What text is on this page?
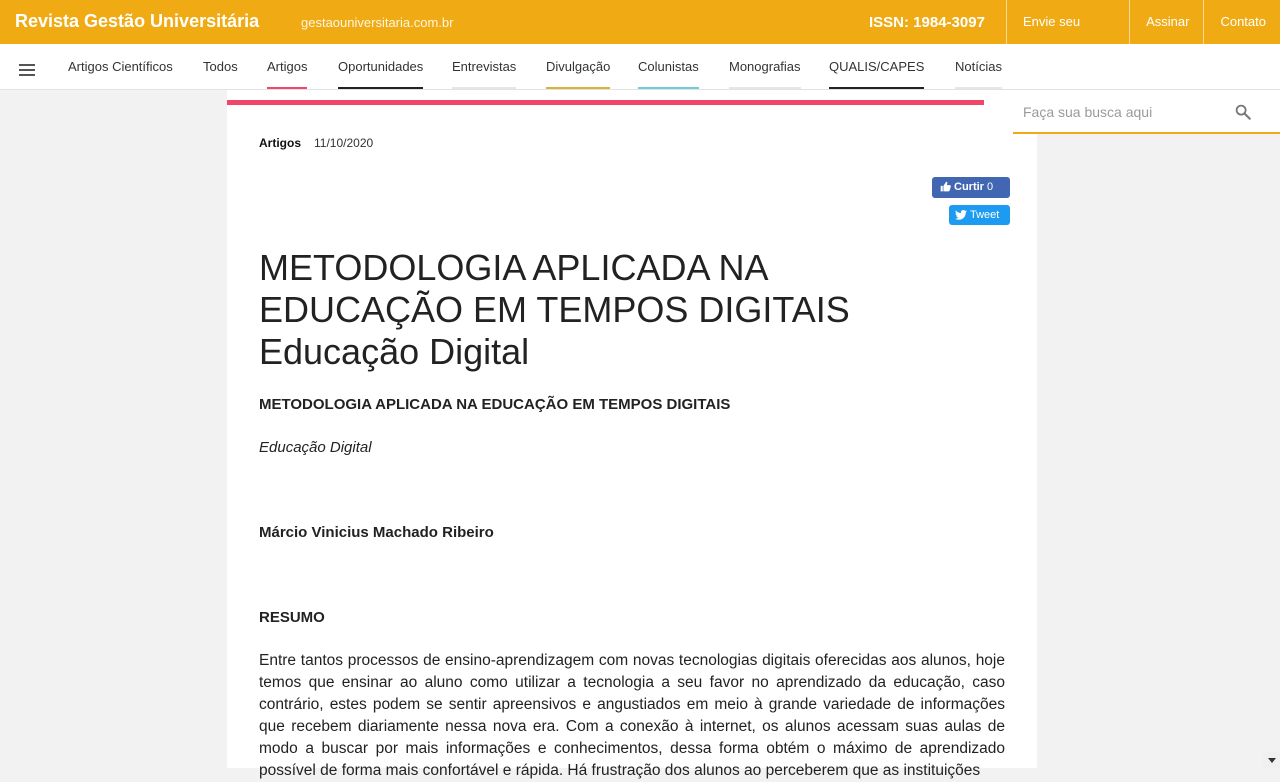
Revista Gestão Universitária	gestaouniversitaria.com.br	ISSN: 1984-3097	Envie seu	Assinar	Contato
Artigos Científicos Todos Artigos Oportunidades Entrevistas Divulgação Colunistas Monografias QUALIS/CAPES Notícias
Faça sua busca aqui
Artigos 11/10/2020
Curtir 0
Tweet
METODOLOGIA APLICADA NA
EDUCAÇÃO EM TEMPOS DIGITAIS
Educação Digital
METODOLOGIA APLICADA NA EDUCAÇÃO EM TEMPOS DIGITAIS
Educação Digital
Márcio Vinicius Machado Ribeiro
RESUMO

Entre tantos processos de ensino-aprendizagem com novas tecnologias digitais oferecidas aos alunos, hoje temos que ensinar ao aluno como utilizar a tecnologia a seu favor no aprendizado da educação, caso contrário, estes podem se sentir apreensivos e angustiados em meio à grande variedade de informações que recebem diariamente nessa nova era. Com a conexão à internet, os alunos acessam suas aulas de modo a buscar por mais informações e conhecimentos, dessa forma obtém o máximo de aprendizado possível de forma mais confortável e rápida. Há frustração dos alunos ao perceberem que as instituições
